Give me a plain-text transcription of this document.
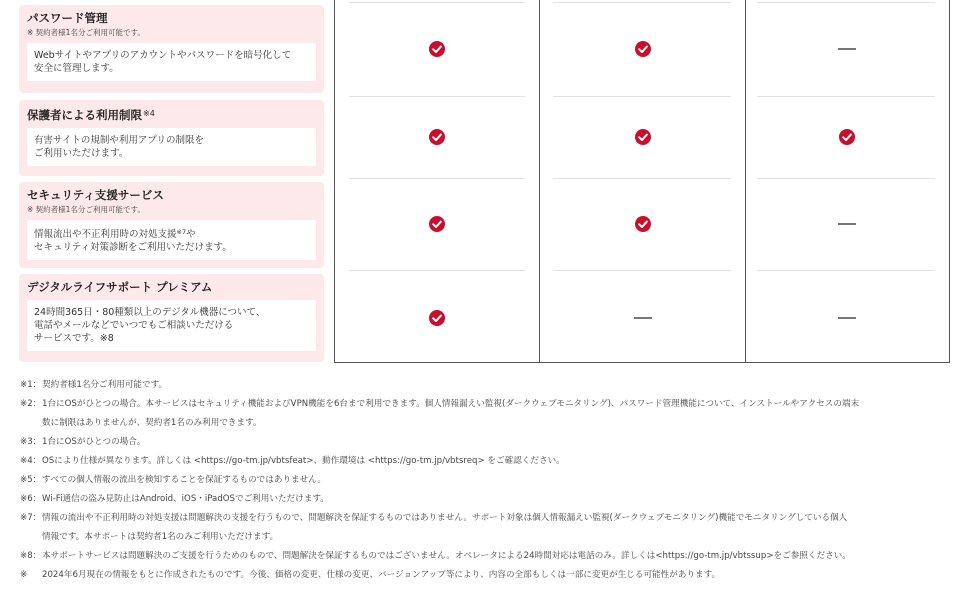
パスワード管理
※ 契約者様1名分ご利用可能です。
Webサイトやアプリのアカウントやパスワードを暗号化して
安全に管理します。
保護者による利用制限$^{※4}$
有害サイトの規制や利用アプリの制限を
ご利用いただけます。
セキュリティ支援サービス
※ 契約者様1名分ご利用可能です。
情報流出や不正利用時の対処支援$^{※7}$や
セキュリティ対策診断をご利用いただけます。
デジタルライフサポート プレミアム
24時間365日・80種類以上のデジタル機器について、
電話やメールなどでいつでもご相談いただける
サービスです。※8
※1： 契約者様1名分ご利用可能です。
※2： 1台にOSがひとつの場合。本サービスはセキュリティ機能およびVPN機能を6台まで利用できます。個人情報漏えい監視(ダークウェブモニタリング)、パスワード管理機能について、インストールやアクセスの端末
数に制限はありませんが、契約者1名のみ利用できます。
※3： 1台にOSがひとつの場合。
※4： OSにより仕様が異なります。詳しくは <https://go-tm.jp/vbtsfeat>、動作環境は <https://go-tm.jp/vbtsreq> をご確認ください。
※5： すべての個人情報の流出を検知することを保証するものではありません。
※6： Wi-Fi通信の盗み見防止はAndroid、iOS・iPadOSでご利用いただけます。
※7： 情報の流出や不正利用時の対処支援は問題解決の支援を行うもので、問題解決を保証するものではありません。サポート対象は個人情報漏えい監視(ダークウェブモニタリング)機能でモニタリングしている個人
情報です。本サポートは契約者1名のみご利用いただけます。
※8： 本サポートサービスは問題解決のご支援を行うためのもので、問題解決を保証するものではございません。オペレータによる24時間対応は電話のみ。詳しくは<https://go-tm.jp/vbtssup>をご参照ください。
※ 2024年6月現在の情報をもとに作成されたものです。今後、価格の変更、仕様の変更、バージョンアップ等により、内容の全部もしくは一部に変更が生じる可能性があります。
